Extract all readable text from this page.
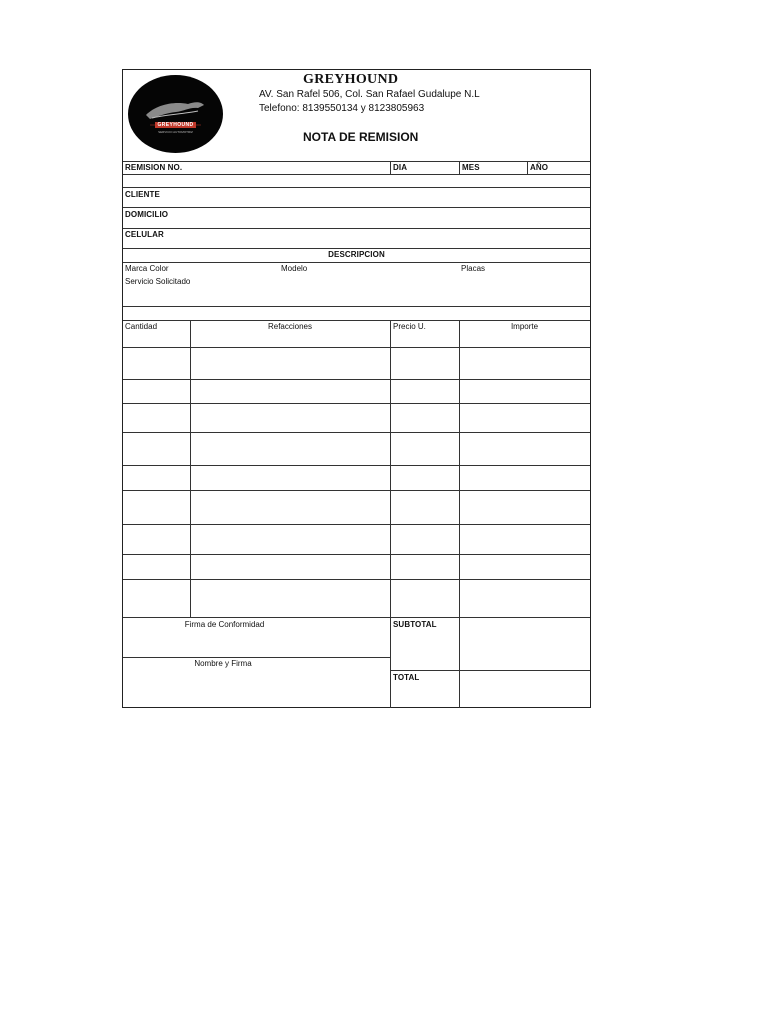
GREYHOUND
SERVICIO AUTOMOTRIZ
GREYHOUND
AV. San Rafel 506, Col. San Rafael Gudalupe N.L
Telefono: 8139550134 y 8123805963
NOTA DE REMISION
REMISION NO.	DIA	MES	AÑO
CLIENTE
DOMICILIO
CELULAR
DESCRIPCION
Marca Color	Modelo	Placas
Servicio Solicitado
Cantidad	Refacciones	Precio U.	Importe
Firma de Conformidad
Nombre y Firma
SUBTOTAL
TOTAL
